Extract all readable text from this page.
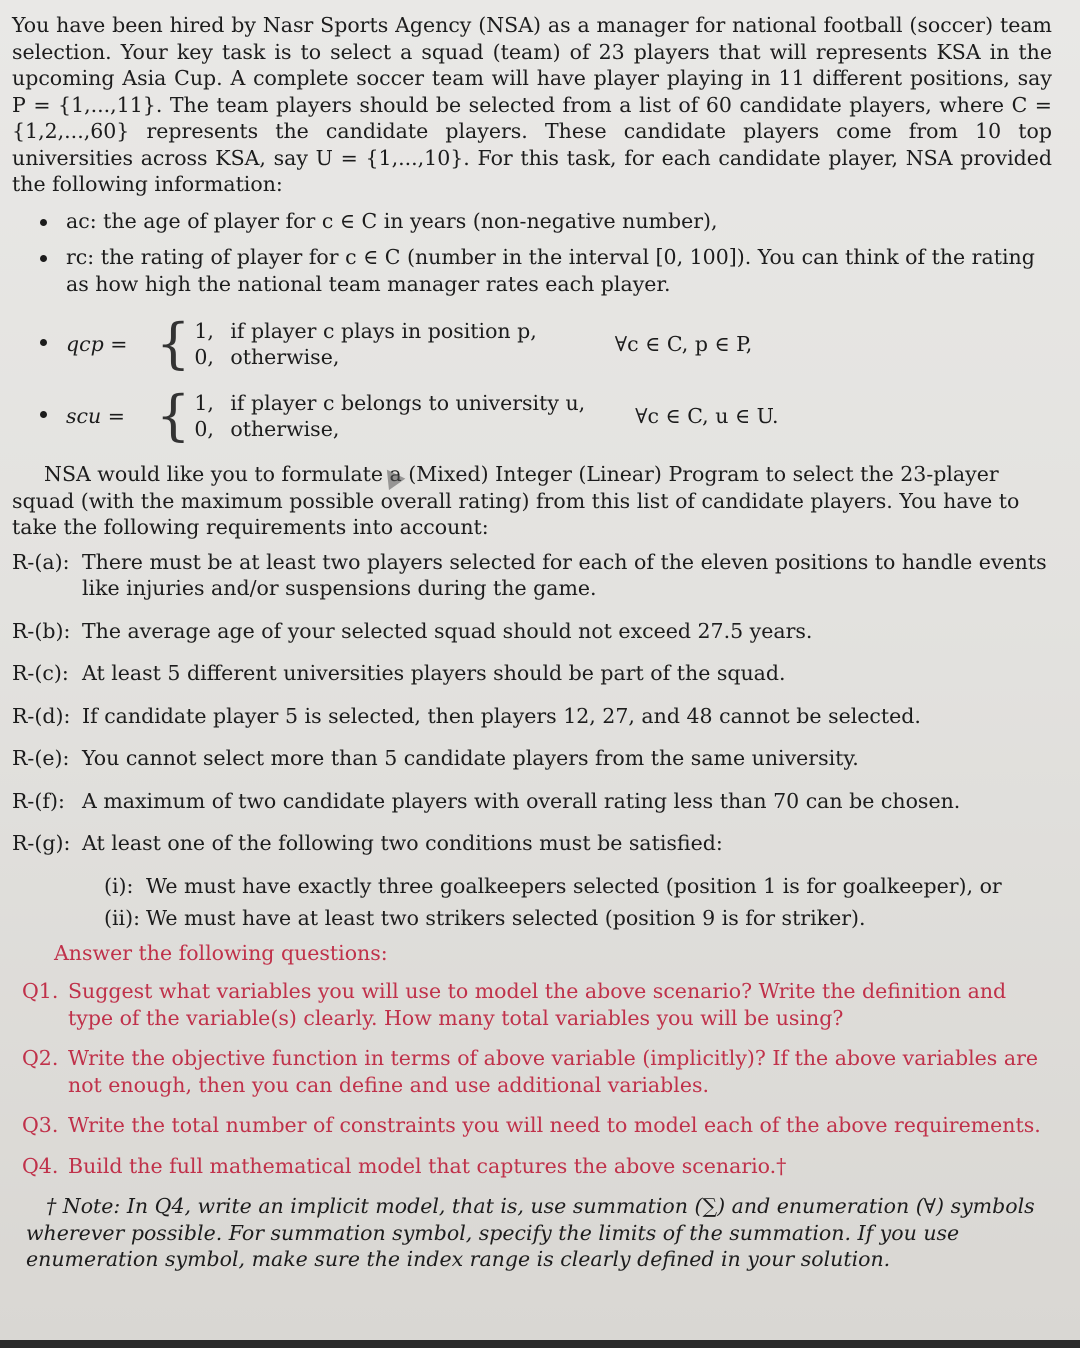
You have been hired by Nasr Sports Agency (NSA) as a manager for national football (soccer) team selection. Your key task is to select a squad (team) of 23 players that will represents KSA in the upcoming Asia Cup. A complete soccer team will have player playing in 11 different positions, say P = {1,...,11}. The team players should be selected from a list of 60 candidate players, where C = {1,2,...,60} represents the candidate players. These candidate players come from 10 top universities across KSA, say U = {1,...,10}. For this task, for each candidate player, NSA provided the following information:

ac: the age of player for c ∈ C in years (non-negative number),
rc: the rating of player for c ∈ C (number in the interval [0, 100]). You can think of the rating as how high the national team manager rates each player.
qcp = { 1, if player c plays in position p,
0, otherwise,
∀c ∈ C, p ∈ P,
scu = { 1, if player c belongs to university u,
0, otherwise,
∀c ∈ C, u ∈ U.

NSA would like you to formulate a (Mixed) Integer (Linear) Program to select the 23-player squad (with the maximum possible overall rating) from this list of candidate players. You have to take the following requirements into account:

R-(a): There must be at least two players selected for each of the eleven positions to handle events like injuries and/or suspensions during the game.
R-(b): The average age of your selected squad should not exceed 27.5 years.
R-(c): At least 5 different universities players should be part of the squad.
R-(d): If candidate player 5 is selected, then players 12, 27, and 48 cannot be selected.
R-(e): You cannot select more than 5 candidate players from the same university.
R-(f): A maximum of two candidate players with overall rating less than 70 can be chosen.
R-(g): At least one of the following two conditions must be satisfied:
(i): We must have exactly three goalkeepers selected (position 1 is for goalkeeper), or
(ii): We must have at least two strikers selected (position 9 is for striker).

Answer the following questions:

Q1. Suggest what variables you will use to model the above scenario? Write the definition and type of the variable(s) clearly. How many total variables you will be using?
Q2. Write the objective function in terms of above variable (implicitly)? If the above variables are not enough, then you can define and use additional variables.
Q3. Write the total number of constraints you will need to model each of the above requirements.
Q4. Build the full mathematical model that captures the above scenario.†

† Note: In Q4, write an implicit model, that is, use summation (∑) and enumeration (∀) symbols wherever possible. For summation symbol, specify the limits of the summation. If you use enumeration symbol, make sure the index range is clearly defined in your solution.
